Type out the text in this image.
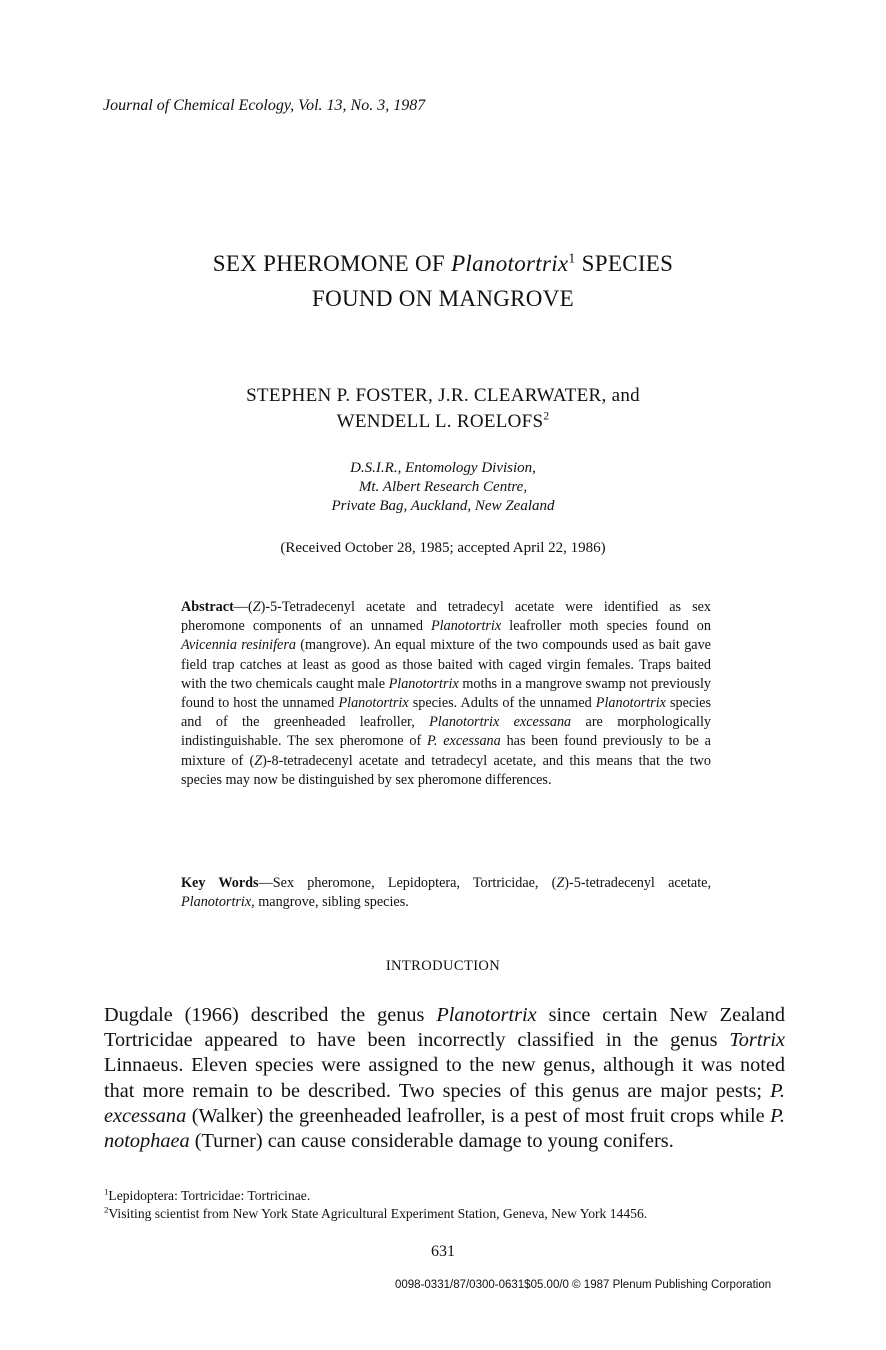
Journal of Chemical Ecology, Vol. 13, No. 3, 1987
SEX PHEROMONE OF Planotortrix$^1$ SPECIES
FOUND ON MANGROVE
STEPHEN P. FOSTER, J.R. CLEARWATER, and
WENDELL L. ROELOFS$^2$
D.S.I.R., Entomology Division,
Mt. Albert Research Centre,
Private Bag, Auckland, New Zealand
(Received October 28, 1985; accepted April 22, 1986)
Abstract—(Z)-5-Tetradecenyl acetate and tetradecyl acetate were identified as sex pheromone components of an unnamed Planotortrix leafroller moth species found on Avicennia resinifera (mangrove). An equal mixture of the two compounds used as bait gave field trap catches at least as good as those baited with caged virgin females. Traps baited with the two chemicals caught male Planotortrix moths in a mangrove swamp not previously found to host the unnamed Planotortrix species. Adults of the unnamed Planotortrix species and of the greenheaded leafroller, Planotortrix excessana are morphologically indistinguishable. The sex pheromone of P. excessana has been found previously to be a mixture of (Z)-8-tetradecenyl acetate and tetradecyl acetate, and this means that the two species may now be distinguished by sex pheromone differences.
Key Words—Sex pheromone, Lepidoptera, Tortricidae, (Z)-5-tetradecenyl acetate, Planotortrix, mangrove, sibling species.
INTRODUCTION
Dugdale (1966) described the genus Planotortrix since certain New Zealand Tortricidae appeared to have been incorrectly classified in the genus Tortrix Linnaeus. Eleven species were assigned to the new genus, although it was noted that more remain to be described. Two species of this genus are major pests; P. excessana (Walker) the greenheaded leafroller, is a pest of most fruit crops while P. notophaea (Turner) can cause considerable damage to young conifers.
$^1$Lepidoptera: Tortricidae: Tortricinae.
$^2$Visiting scientist from New York State Agricultural Experiment Station, Geneva, New York 14456.
631
0098-0331/87/0300-0631$05.00/0 © 1987 Plenum Publishing Corporation
